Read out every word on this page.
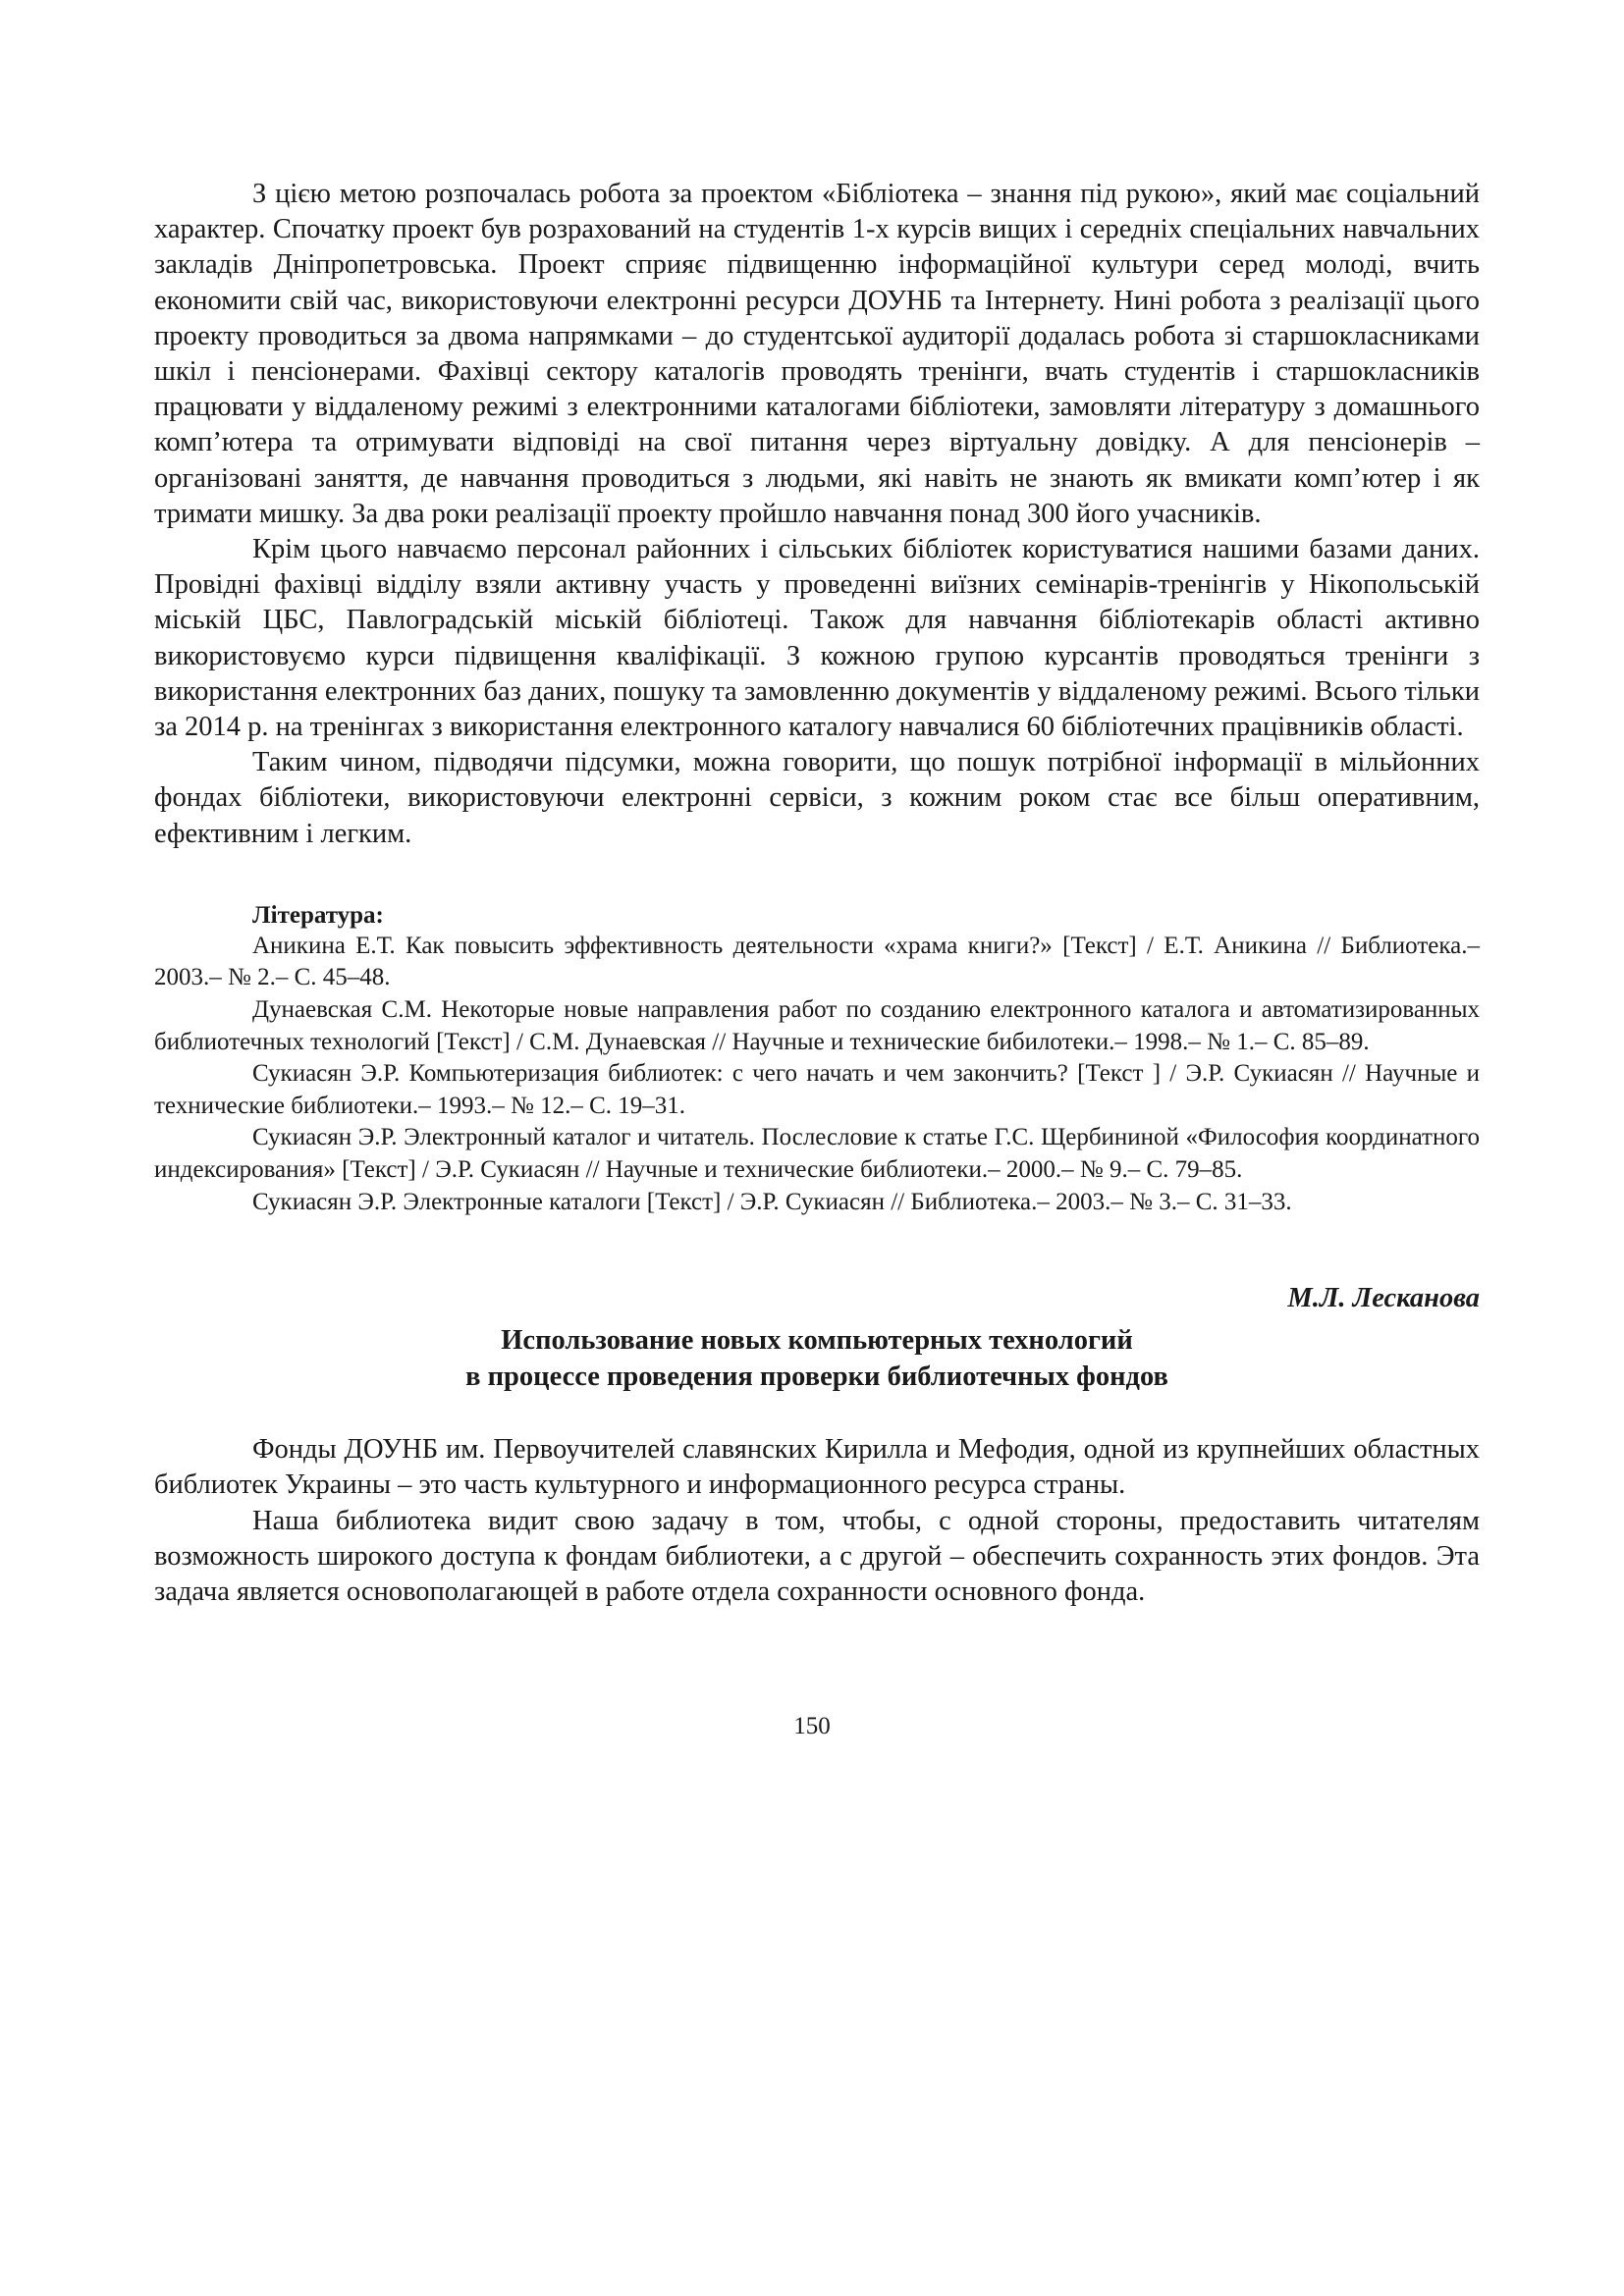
З цією метою розпочалась робота за проектом «Бібліотека – знання під рукою», який має соціальний характер. Спочатку проект був розрахований на студентів 1-х курсів вищих і середніх спеціальних навчальних закладів Дніпропетровська. Проект сприяє підвищенню інформаційної культури серед молоді, вчить економити свій час, використовуючи електронні ресурси ДОУНБ та Інтернету. Нині робота з реалізації цього проекту проводиться за двома напрямками – до студентської аудиторії додалась робота зі старшокласниками шкіл і пенсіонерами. Фахівці сектору каталогів проводять тренінги, вчать студентів і старшокласників працювати у віддаленому режимі з електронними каталогами бібліотеки, замовляти літературу з домашнього комп’ютера та отримувати відповіді на свої питання через віртуальну довідку. А для пенсіонерів – організовані заняття, де навчання проводиться з людьми, які навіть не знають як вмикати комп’ютер і як тримати мишку. За два роки реалізації проекту пройшло навчання понад 300 його учасників.

Крім цього навчаємо персонал районних і сільських бібліотек користуватися нашими базами даних. Провідні фахівці відділу взяли активну участь у проведенні виїзних семінарів-тренінгів у Нікопольській міській ЦБС, Павлоградській міській бібліотеці. Також для навчання бібліотекарів області активно використовуємо курси підвищення кваліфікації. З кожною групою курсантів проводяться тренінги з використання електронних баз даних, пошуку та замовленню документів у віддаленому режимі. Всього тільки за 2014 р. на тренінгах з використання електронного каталогу навчалися 60 бібліотечних працівників області.

Таким чином, підводячи підсумки, можна говорити, що пошук потрібної інформації в мільйонних фондах бібліотеки, використовуючи електронні сервіси, з кожним роком стає все більш оперативним, ефективним і легким.

Література:

Аникина Е.Т. Как повысить эффективность деятельности «храма книги?» [Текст] / Е.Т. Аникина // Библиотека.– 2003.– № 2.– С. 45–48.

Дунаевская С.М. Некоторые новые направления работ по созданию електронного каталога и автоматизированных библиотечных технологий [Текст] / С.М. Дунаевская // Научные и технические бибилотеки.– 1998.– № 1.– С. 85–89.

Сукиасян Э.Р. Компьютеризация библиотек: с чего начать и чем закончить? [Текст ] / Э.Р. Сукиасян // Научные и технические библиотеки.– 1993.– № 12.– С. 19–31.

Сукиасян Э.Р. Электронный каталог и читатель. Послесловие к статье Г.С. Щербининой «Философия координатного индексирования» [Текст] / Э.Р. Сукиасян // Научные и технические библиотеки.– 2000.– № 9.– С. 79–85.

Сукиасян Э.Р. Электронные каталоги [Текст] / Э.Р. Сукиасян // Библиотека.– 2003.– № 3.– С. 31–33.

М.Л. Лесканова

Использование новых компьютерных технологий
в процессе проведения проверки библиотечных фондов

Фонды ДОУНБ им. Первоучителей славянских Кирилла и Мефодия, одной из крупнейших областных библиотек Украины – это часть культурного и информационного ресурса страны.

Наша библиотека видит свою задачу в том, чтобы, с одной стороны, предоставить читателям возможность широкого доступа к фондам библиотеки, а с другой – обеспечить сохранность этих фондов. Эта задача является основополагающей в работе отдела сохранности основного фонда.

150
